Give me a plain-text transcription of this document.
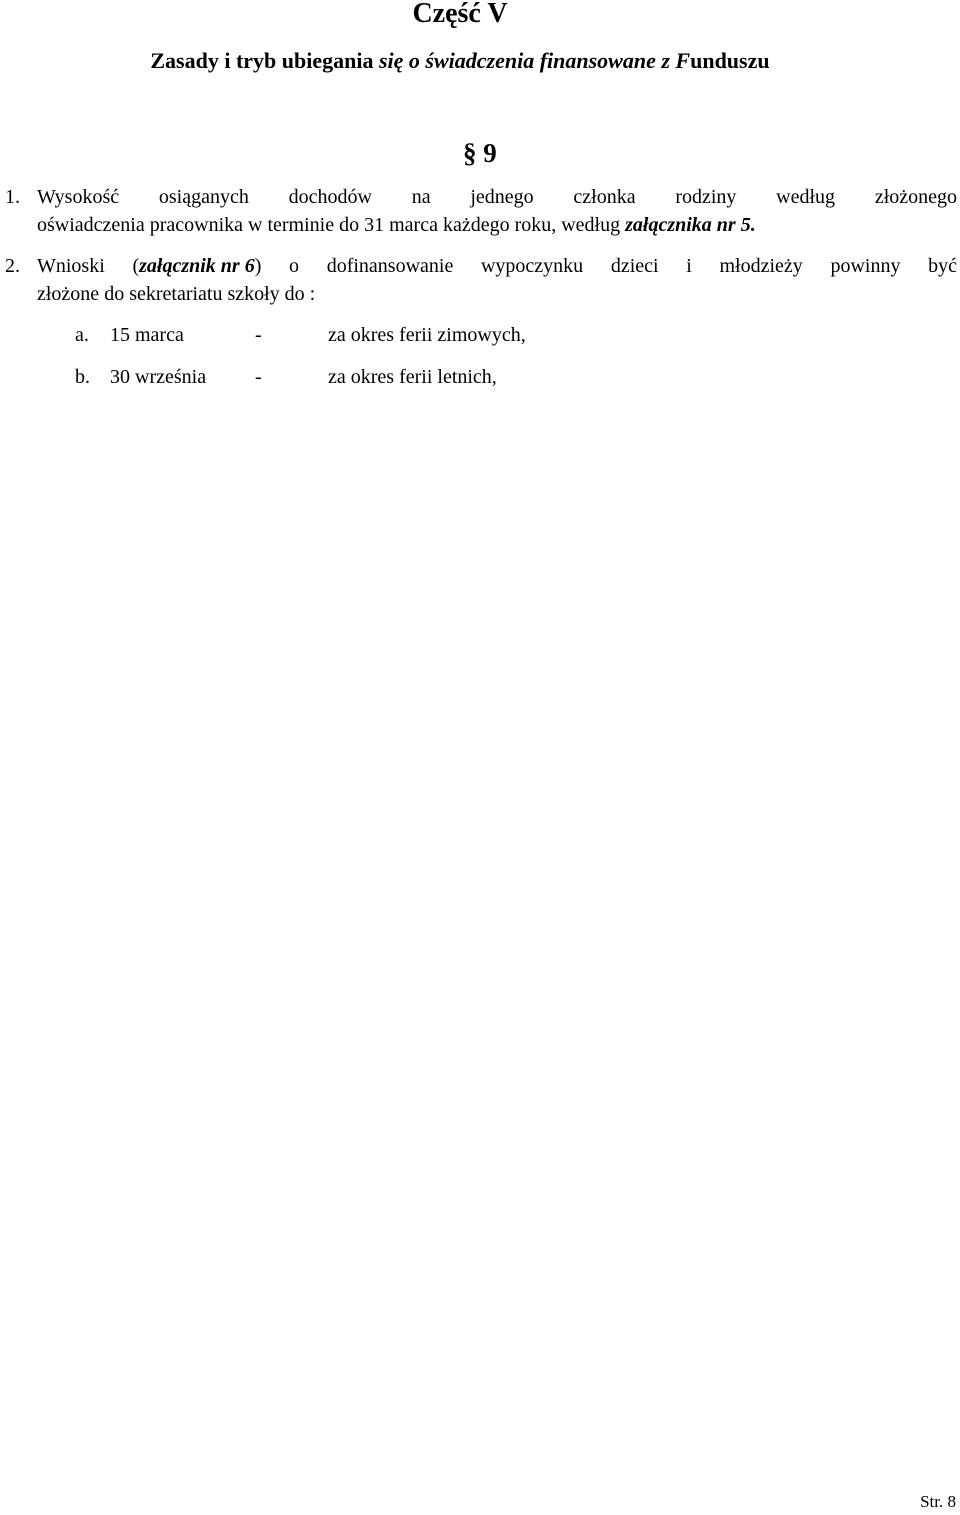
Część V
Zasady i tryb ubiegania się o świadczenia finansowane z Funduszu
§ 9
1. Wysokość osiąganych dochodów na jednego członka rodziny według złożonego
oświadczenia pracownika w terminie do 31 marca każdego roku, według załącznika nr 5.
2. Wnioski (załącznik nr 6) o dofinansowanie wypoczynku dzieci i młodzieży powinny być
złożone do sekretariatu szkoły do :
a. 15 marca	-	za okres ferii zimowych,
b. 30 września -	za okres ferii letnich,
Str. 8
